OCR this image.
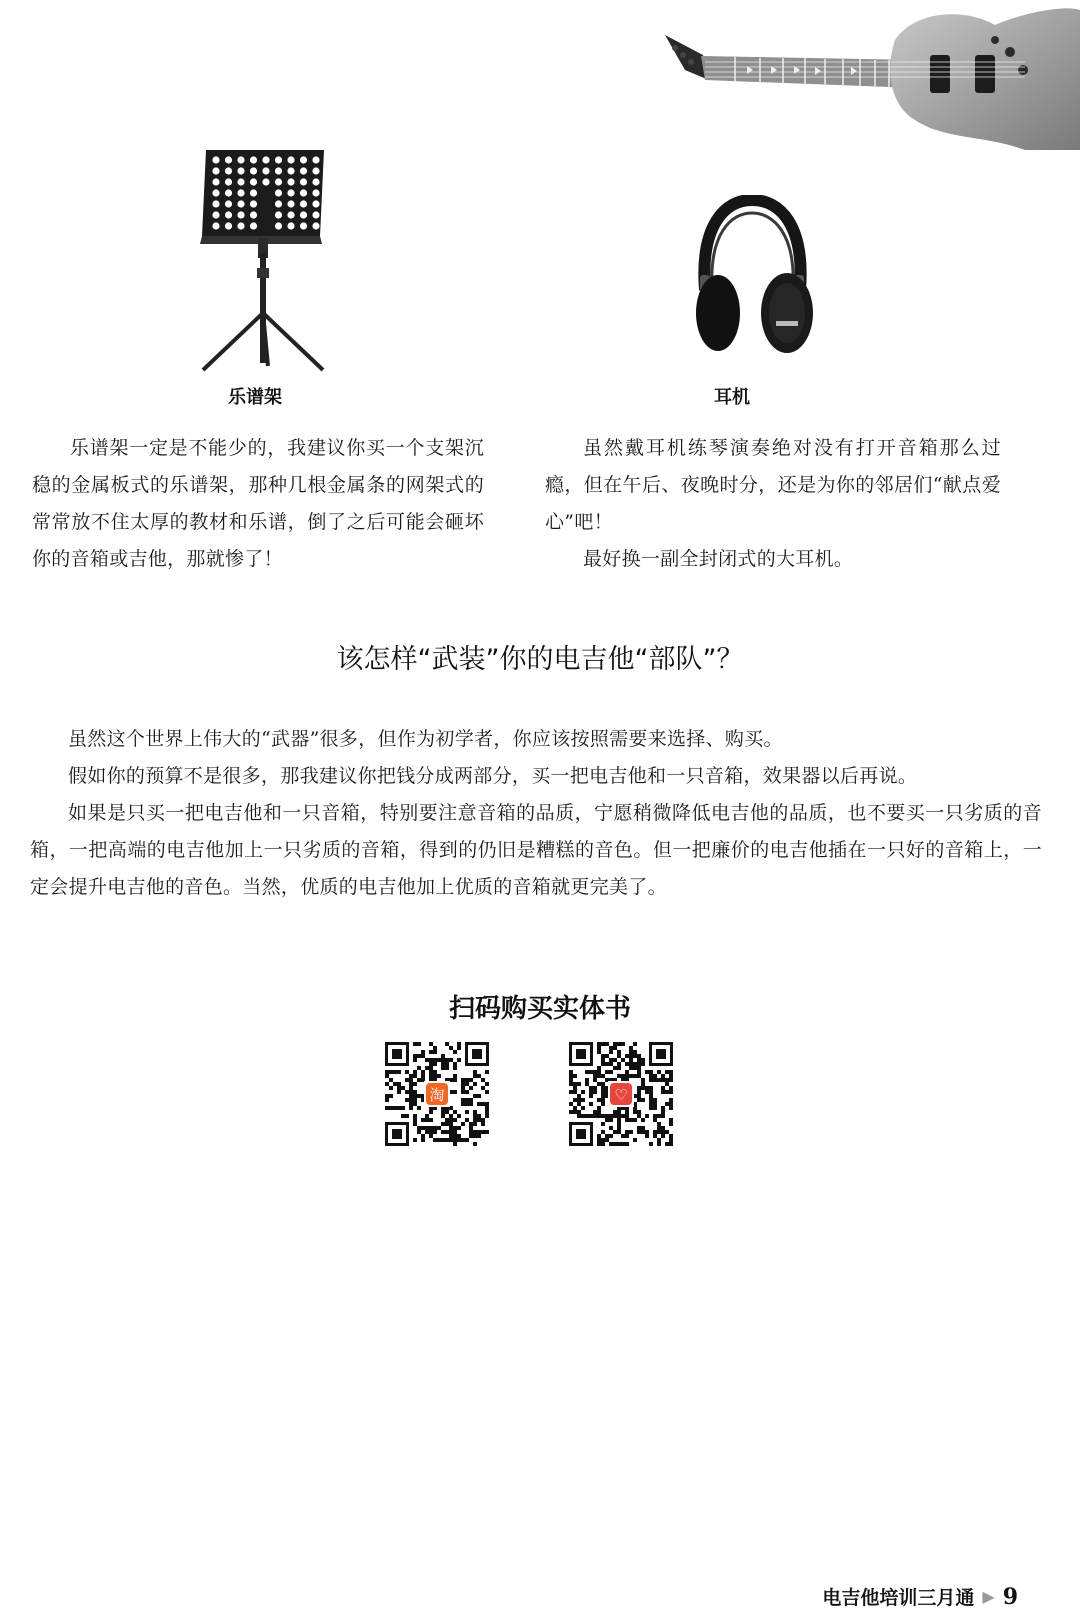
乐谱架	耳机

乐谱架一定是不能少的，我建议你买一个支架沉稳的金属板式的乐谱架，那种几根金属条的网架式的常常放不住太厚的教材和乐谱，倒了之后可能会砸坏你的音箱或吉他，那就惨了！

虽然戴耳机练琴演奏绝对没有打开音箱那么过瘾，但在午后、夜晚时分，还是为你的邻居们“献点爱心”吧！

最好换一副全封闭式的大耳机。

该怎样“武装”你的电吉他“部队”？

虽然这个世界上伟大的“武器”很多，但作为初学者，你应该按照需要来选择、购买。

假如你的预算不是很多，那我建议你把钱分成两部分，买一把电吉他和一只音箱，效果器以后再说。

如果是只买一把电吉他和一只音箱，特别要注意音箱的品质，宁愿稍微降低电吉他的品质，也不要买一只劣质的音箱，一把高端的电吉他加上一只劣质的音箱，得到的仍旧是糟糕的音色。但一把廉价的电吉他插在一只好的音箱上，一定会提升电吉他的音色。当然，优质的电吉他加上优质的音箱就更完美了。

扫码购买实体书
淘	♡
电吉他培训三月通 ▶ 9
